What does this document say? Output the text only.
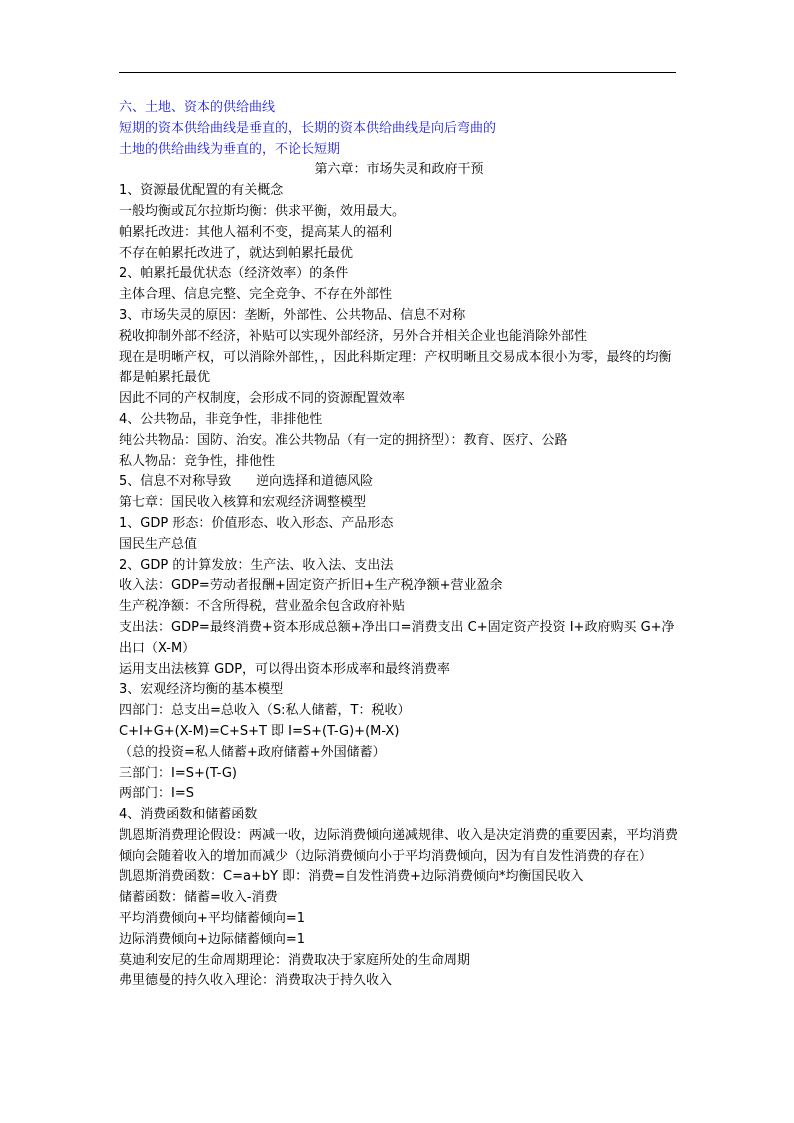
六、土地、资本的供给曲线

短期的资本供给曲线是垂直的，长期的资本供给曲线是向后弯曲的

土地的供给曲线为垂直的，不论长短期

第六章：市场失灵和政府干预

1、资源最优配置的有关概念

一般均衡或瓦尔拉斯均衡：供求平衡，效用最大。

帕累托改进：其他人福利不变，提高某人的福利

不存在帕累托改进了，就达到帕累托最优

2、帕累托最优状态（经济效率）的条件

主体合理、信息完整、完全竞争、不存在外部性

3、市场失灵的原因：垄断，外部性、公共物品、信息不对称

税收抑制外部不经济，补贴可以实现外部经济，另外合并相关企业也能消除外部性

现在是明晰产权，可以消除外部性，，因此科斯定理：产权明晰且交易成本很小为零，最终的均衡都是帕累托最优

因此不同的产权制度，会形成不同的资源配置效率

4、公共物品，非竞争性，非排他性

纯公共物品：国防、治安。准公共物品（有一定的拥挤型）：教育、医疗、公路

私人物品：竞争性，排他性

5、信息不对称导致      逆向选择和道德风险

第七章：国民收入核算和宏观经济调整模型

1、GDP 形态：价值形态、收入形态、产品形态

国民生产总值

2、GDP 的计算发放：生产法、收入法、支出法

收入法：GDP=劳动者报酬+固定资产折旧+生产税净额+营业盈余

生产税净额：不含所得税，营业盈余包含政府补贴

支出法：GDP=最终消费+资本形成总额+净出口=消费支出 C+固定资产投资 I+政府购买 G+净出口（X-M）

运用支出法核算 GDP，可以得出资本形成率和最终消费率

3、宏观经济均衡的基本模型

四部门：总支出=总收入（S:私人储蓄，T：税收）

C+I+G+(X-M)=C+S+T 即 I=S+(T-G)+(M-X)

（总的投资=私人储蓄+政府储蓄+外国储蓄）

三部门：I=S+(T-G)

两部门：I=S

4、消费函数和储蓄函数

凯恩斯消费理论假设：两减一收，边际消费倾向递减规律、收入是决定消费的重要因素，平均消费倾向会随着收入的增加而减少（边际消费倾向小于平均消费倾向，因为有自发性消费的存在）

凯恩斯消费函数：C=a+bY 即：消费=自发性消费+边际消费倾向*均衡国民收入

储蓄函数：储蓄=收入-消费

平均消费倾向+平均储蓄倾向=1

边际消费倾向+边际储蓄倾向=1

莫迪利安尼的生命周期理论：消费取决于家庭所处的生命周期

弗里德曼的持久收入理论：消费取决于持久收入
